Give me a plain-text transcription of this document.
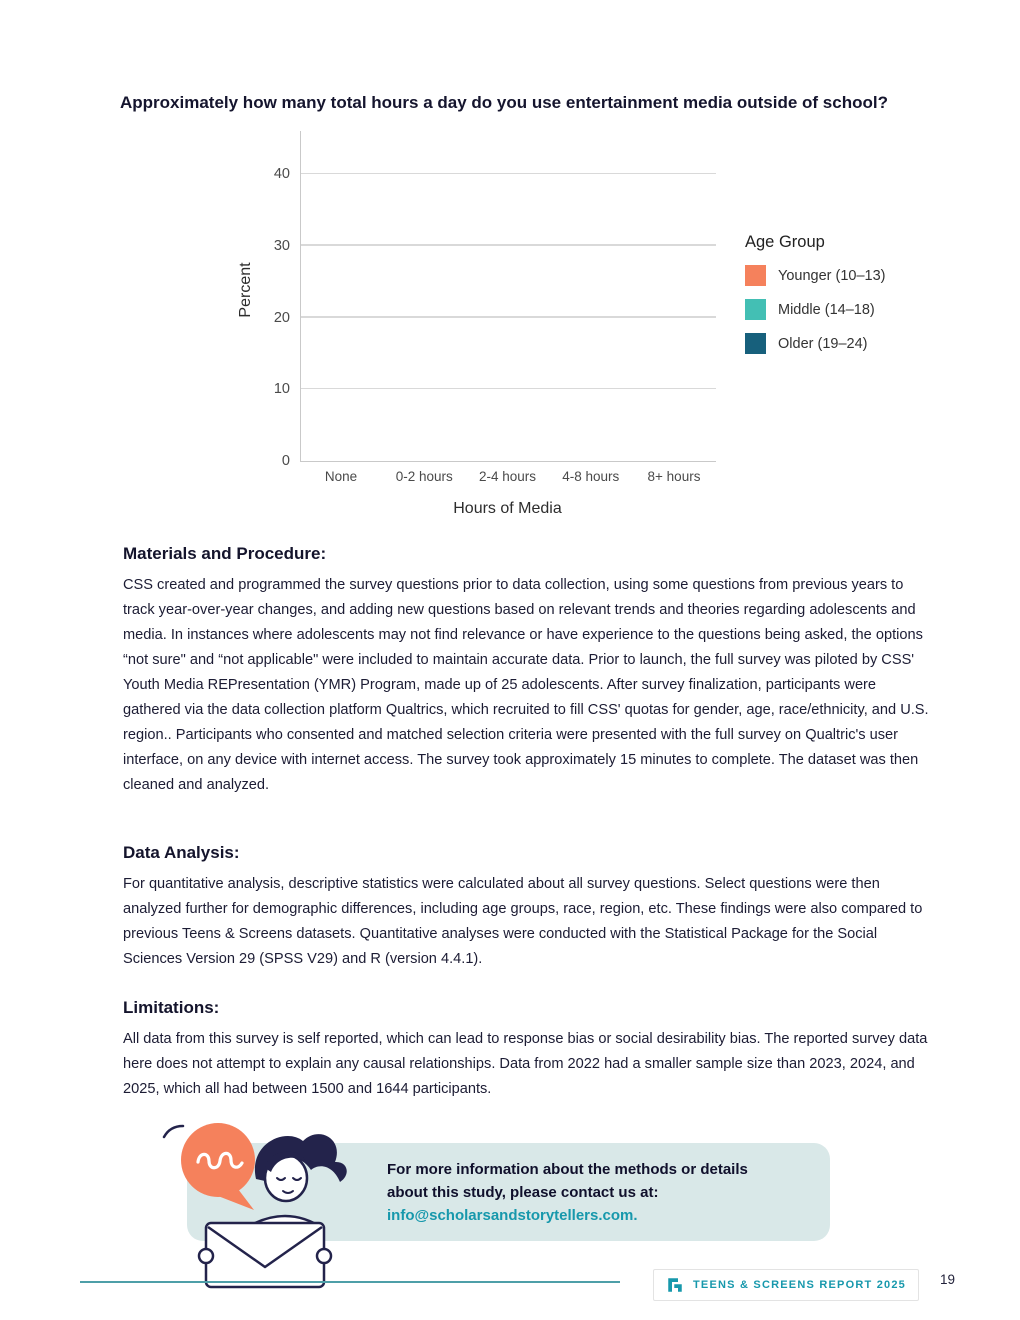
Approximately how many total hours a day do you use entertainment media outside of school?
Percent
0
10
20
30
40
None	0-2 hours	2-4 hours	4-8 hours	8+ hours
Hours of Media
Age Group
Younger (10–13)
Middle (14–18)
Older (19–24)
Materials and Procedure:

CSS created and programmed the survey questions prior to data collection, using some questions from previous years to track year-over-year changes, and adding new questions based on relevant trends and theories regarding adolescents and media. In instances where adolescents may not find relevance or have experience to the questions being asked, the options “not sure" and “not applicable" were included to maintain accurate data. Prior to launch, the full survey was piloted by CSS' Youth Media REPresentation (YMR) Program, made up of 25 adolescents. After survey finalization, participants were gathered via the data collection platform Qualtrics, which recruited to fill CSS' quotas for gender, age, race/ethnicity, and U.S. region.. Participants who consented and matched selection criteria were presented with the full survey on Qualtric's user interface, on any device with internet access. The survey took approximately 15 minutes to complete. The dataset was then cleaned and analyzed.

Data Analysis:

For quantitative analysis, descriptive statistics were calculated about all survey questions. Select questions were then analyzed further for demographic differences, including age groups, race, region, etc. These findings were also compared to previous Teens & Screens datasets. Quantitative analyses were conducted with the Statistical Package for the Social Sciences Version 29 (SPSS V29) and R (version 4.4.1).

Limitations:

All data from this survey is self reported, which can lead to response bias or social desirability bias. The reported survey data here does not attempt to explain any causal relationships. Data from 2022 had a smaller sample size than 2023, 2024, and 2025, which all had between 1500 and 1644 participants.

For more information about the methods or details
about this study, please contact us at:
info@scholarsandstorytellers.com.
TEENS & SCREENS REPORT 2025	19
